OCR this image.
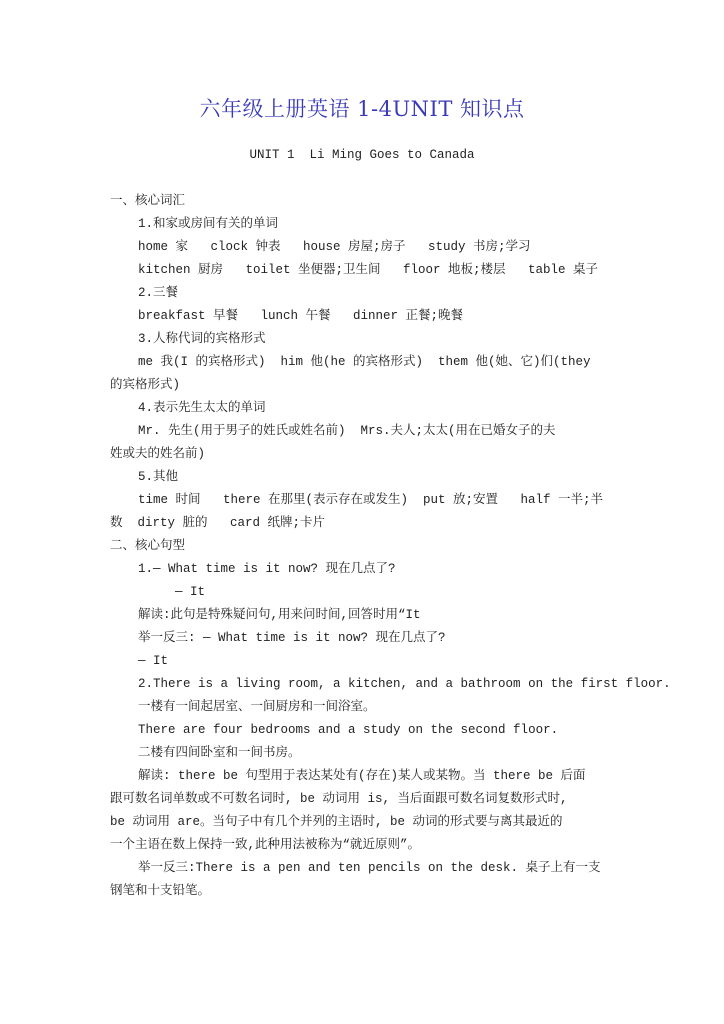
六年级上册英语 1-4UNIT 知识点
UNIT 1  Li Ming Goes to Canada
一、核心词汇
1.和家或房间有关的单词
home 家   clock 钟表   house 房屋;房子   study 书房;学习
kitchen 厨房   toilet 坐便器;卫生间   floor 地板;楼层   table 桌子
2.三餐
breakfast 早餐   lunch 午餐   dinner 正餐;晚餐
3.人称代词的宾格形式
me 我(I 的宾格形式)  him 他(he 的宾格形式)  them 他(她、它)们(they
的宾格形式)
4.表示先生太太的单词
Mr. 先生(用于男子的姓氏或姓名前)  Mrs.夫人;太太(用在已婚女子的夫
姓或夫的姓名前)
5.其他
time 时间   there 在那里(表示存在或发生)  put 放;安置   half 一半;半
数  dirty 脏的   card 纸牌;卡片
二、核心句型
1.— What time is it now? 现在几点了?
— It
解读:此句是特殊疑问句,用来问时间,回答时用“It
举一反三: — What time is it now? 现在几点了?
— It
2.There is a living room, a kitchen, and a bathroom on the first floor.
一楼有一间起居室、一间厨房和一间浴室。
There are four bedrooms and a study on the second floor.
二楼有四间卧室和一间书房。
解读: there be 句型用于表达某处有(存在)某人或某物。当 there be 后面
跟可数名词单数或不可数名词时, be 动词用 is, 当后面跟可数名词复数形式时,
be 动词用 are。当句子中有几个并列的主语时, be 动词的形式要与离其最近的
一个主语在数上保持一致,此种用法被称为“就近原则”。
举一反三:There is a pen and ten pencils on the desk. 桌子上有一支
钢笔和十支铅笔。
